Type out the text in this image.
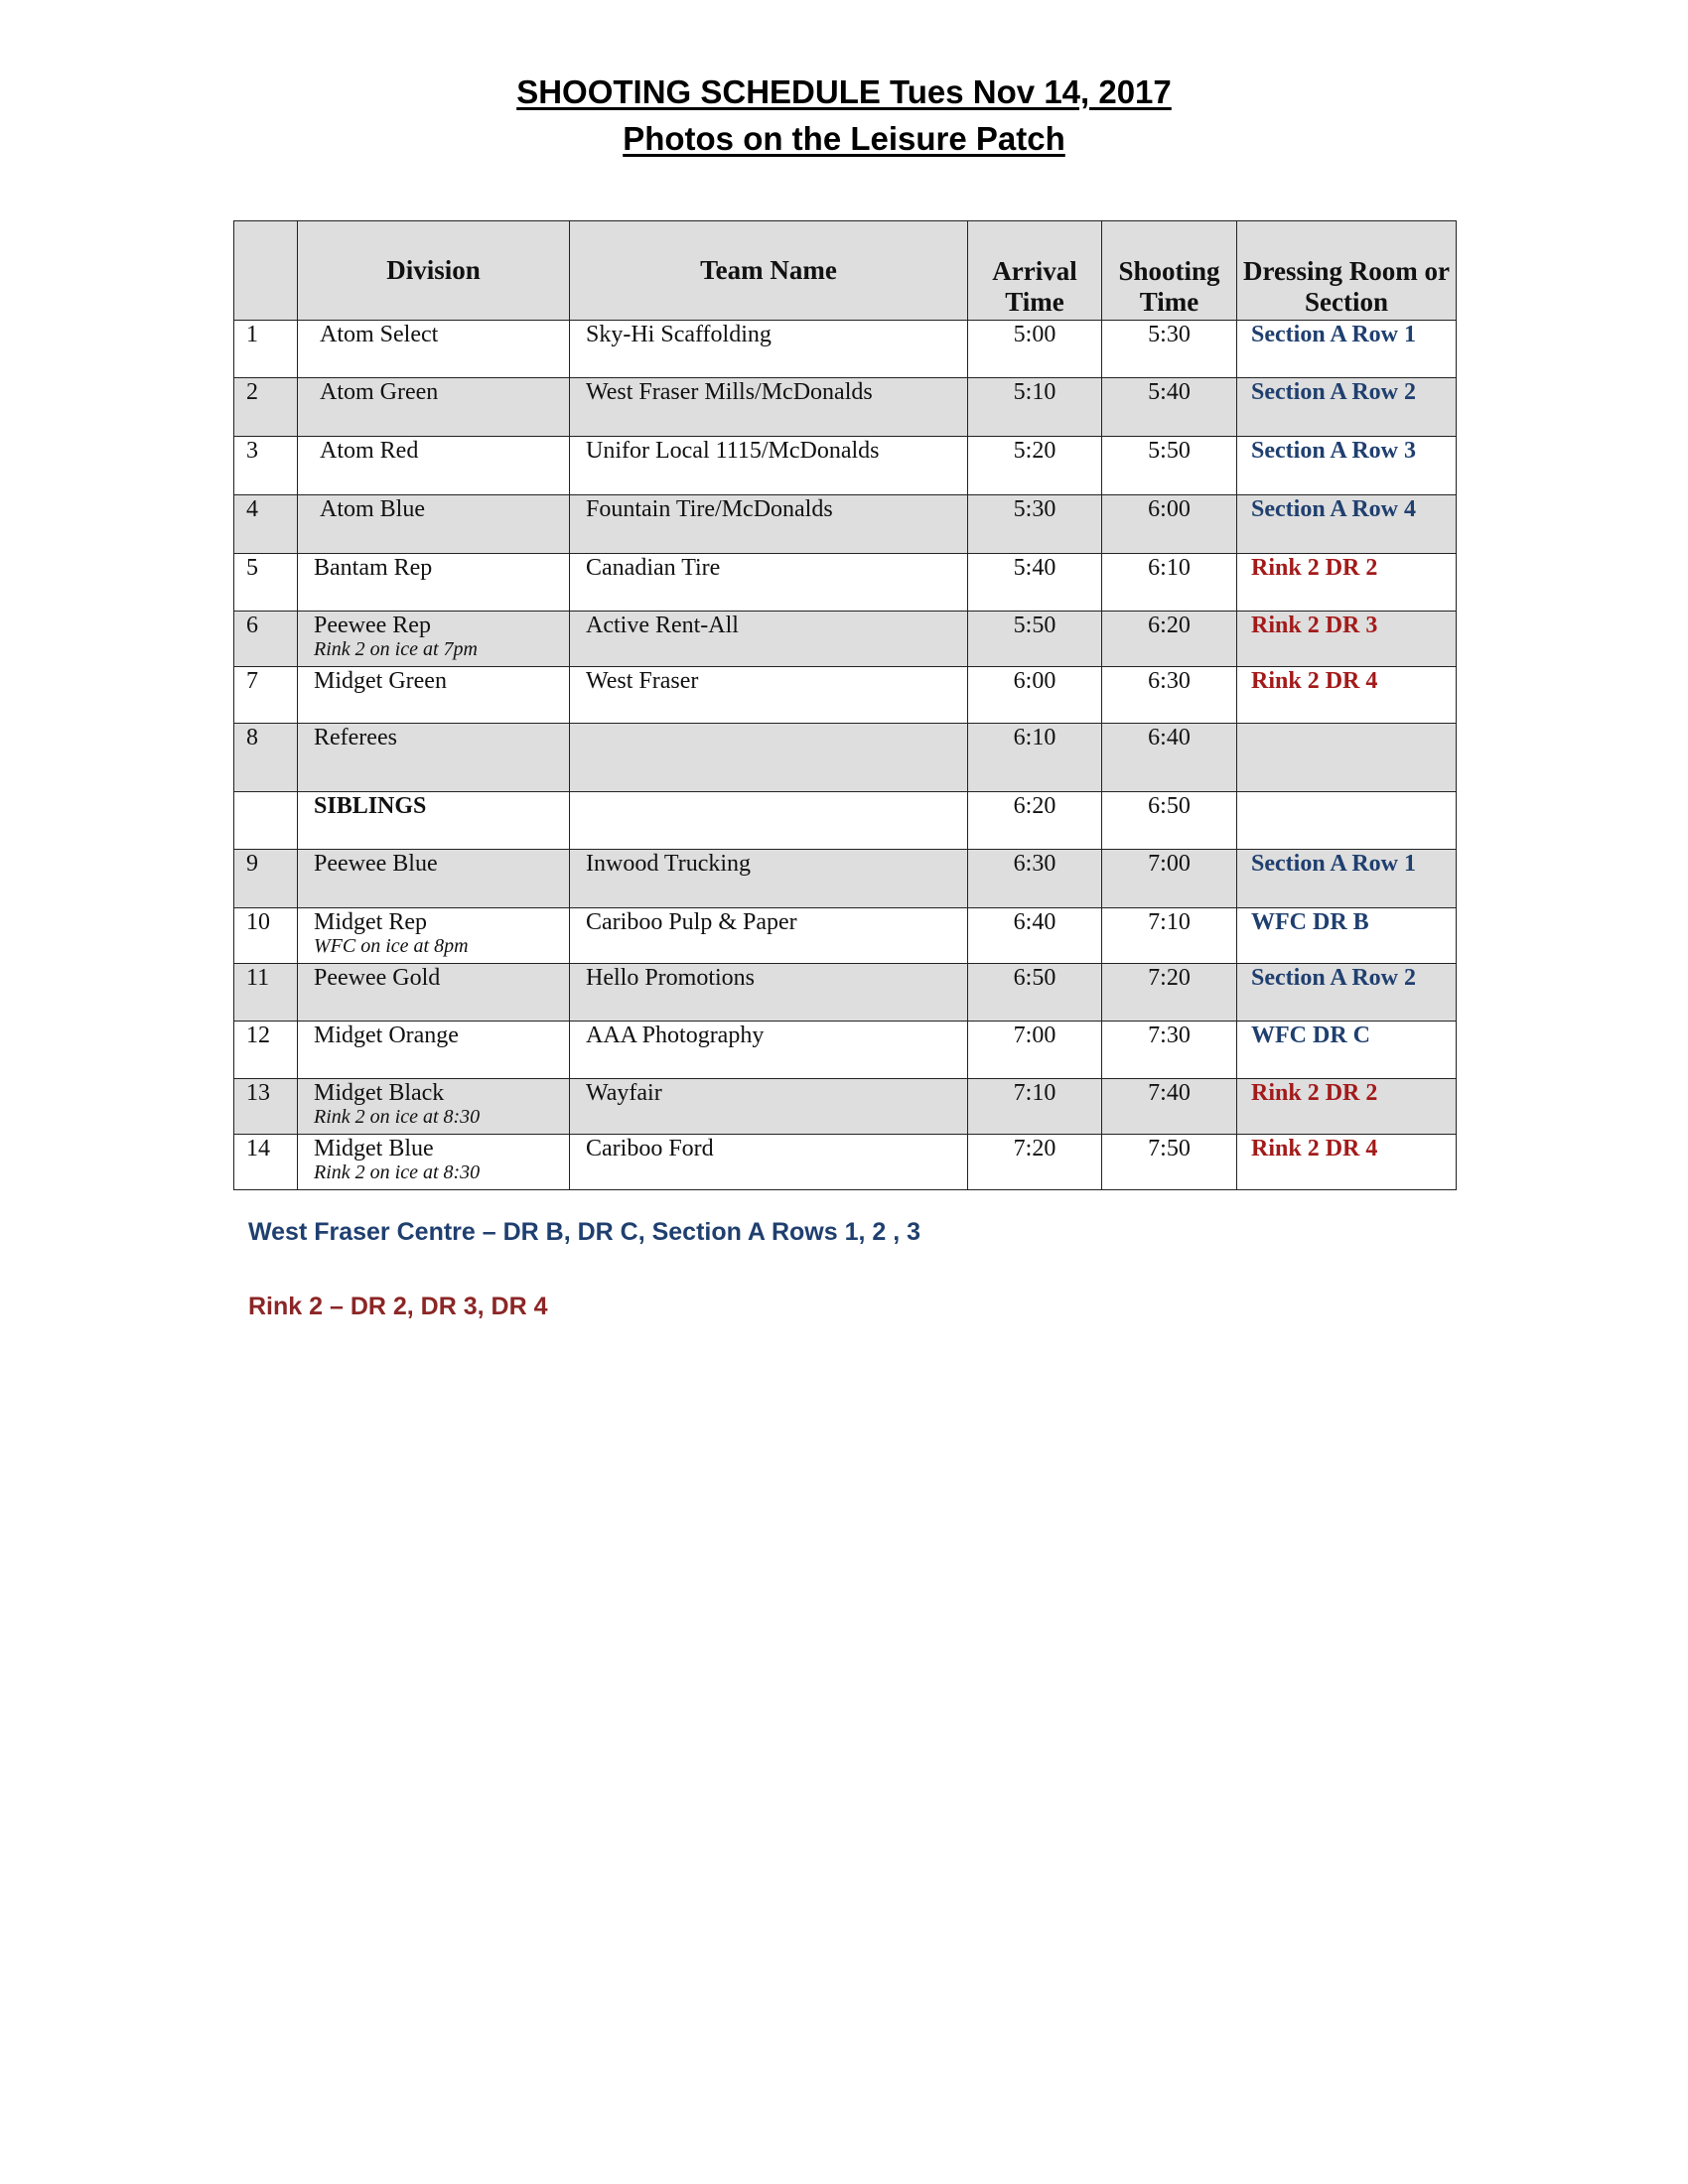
SHOOTING SCHEDULE Tues Nov 14, 2017
Photos on the Leisure Patch
	Division	Team Name	Arrival Time	Shooting Time	Dressing Room or Section
1	Atom Select	Sky-Hi Scaffolding	5:00	5:30	Section A Row 1
2	Atom Green	West Fraser Mills/McDonalds	5:10	5:40	Section A Row 2
3	Atom Red	Unifor Local 1115/McDonalds	5:20	5:50	Section A Row 3
4	Atom Blue	Fountain Tire/McDonalds	5:30	6:00	Section A Row 4
5	Bantam Rep	Canadian Tire	5:40	6:10	Rink 2 DR 2
6	Peewee Rep
Rink 2 on ice at 7pm	Active Rent-All	5:50	6:20	Rink 2 DR 3
7	Midget Green	West Fraser	6:00	6:30	Rink 2 DR 4
8	Referees		6:10	6:40	
	SIBLINGS		6:20	6:50	
9	Peewee Blue	Inwood Trucking	6:30	7:00	Section A Row 1
10	Midget Rep
WFC on ice at 8pm	Cariboo Pulp & Paper	6:40	7:10	WFC DR B
11	Peewee Gold	Hello Promotions	6:50	7:20	Section A Row 2
12	Midget Orange	AAA Photography	7:00	7:30	WFC DR C
13	Midget Black
Rink 2 on ice at 8:30	Wayfair	7:10	7:40	Rink 2 DR 2
14	Midget Blue
Rink 2 on ice at 8:30	Cariboo Ford	7:20	7:50	Rink 2 DR 4

West Fraser Centre – DR B, DR C, Section A Rows 1, 2 , 3

Rink 2 – DR 2, DR 3, DR 4
